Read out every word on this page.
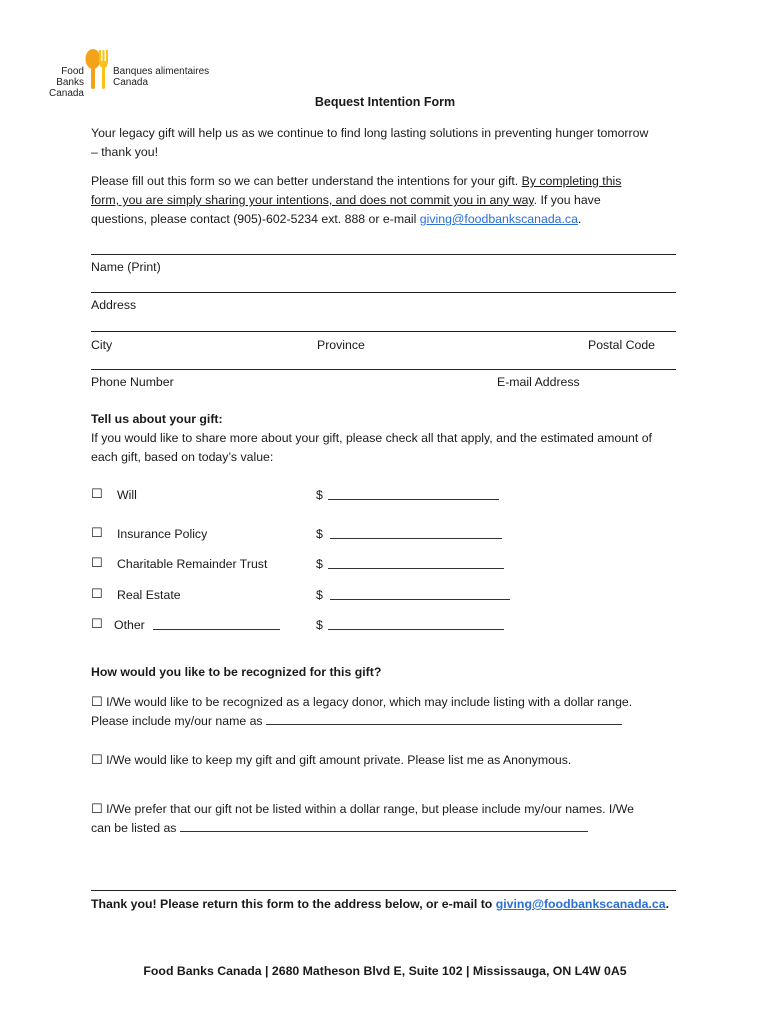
Food Banks
Canada
Banques alimentaires
Canada
Bequest Intention Form
Your legacy gift will help us as we continue to find long lasting solutions in preventing hunger tomorrow
– thank you!
Please fill out this form so we can better understand the intentions for your gift. By completing this
form, you are simply sharing your intentions, and does not commit you in any way. If you have
questions, please contact (905)-602-5234 ext. 888 or e-mail giving@foodbankscanada.ca.
Name (Print)
Address
City	Province	Postal Code
Phone Number	E-mail Address
Tell us about your gift:
If you would like to share more about your gift, please check all that apply, and the estimated amount of
each gift, based on today’s value:
☐ Will	$
☐ Insurance Policy	$
☐ Charitable Remainder Trust	$
☐ Real Estate	$
☐ Other	$
How would you like to be recognized for this gift?
☐ I/We would like to be recognized as a legacy donor, which may include listing with a dollar range.
Please include my/our name as
☐ I/We would like to keep my gift and gift amount private. Please list me as Anonymous.
☐ I/We prefer that our gift not be listed within a dollar range, but please include my/our names. I/We
can be listed as
Thank you! Please return this form to the address below, or e-mail to giving@foodbankscanada.ca.
Food Banks Canada | 2680 Matheson Blvd E, Suite 102 | Mississauga, ON L4W 0A5
